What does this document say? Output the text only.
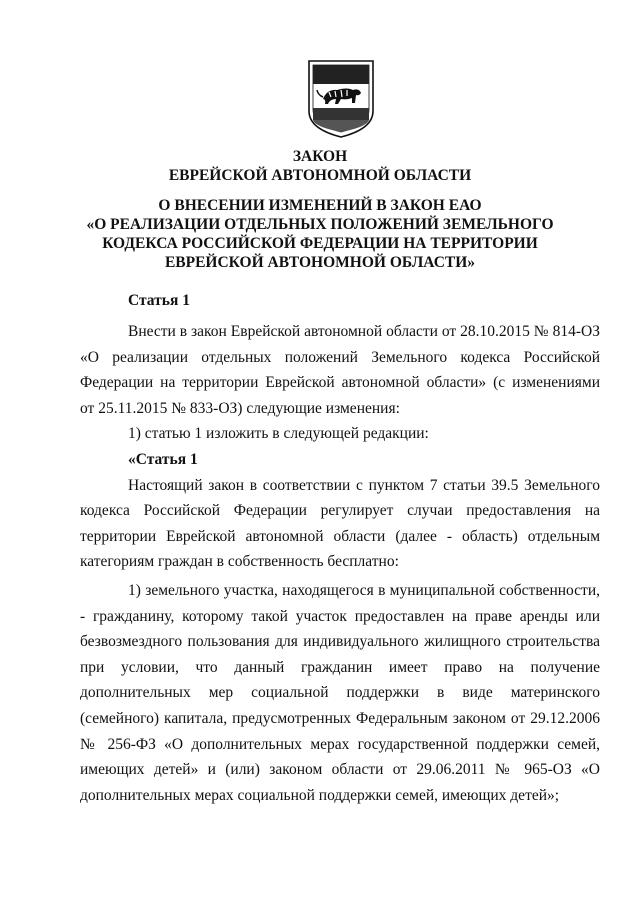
ЗАКОН
ЕВРЕЙСКОЙ АВТОНОМНОЙ ОБЛАСТИ
О ВНЕСЕНИИ ИЗМЕНЕНИЙ В ЗАКОН ЕАО
«О РЕАЛИЗАЦИИ ОТДЕЛЬНЫХ ПОЛОЖЕНИЙ ЗЕМЕЛЬНОГО
КОДЕКСА РОССИЙСКОЙ ФЕДЕРАЦИИ НА ТЕРРИТОРИИ
ЕВРЕЙСКОЙ АВТОНОМНОЙ ОБЛАСТИ»
Статья 1
Внести в закон Еврейской автономной области от 28.10.2015 № 814-ОЗ
«О реализации отдельных положений Земельного кодекса Российской
Федерации на территории Еврейской автономной области» (с изменениями
от 25.11.2015 № 833-ОЗ) следующие изменения:
1) статью 1 изложить в следующей редакции:
«Статья 1
Настоящий закон в соответствии с пунктом 7 статьи 39.5 Земельного
кодекса Российской Федерации регулирует случаи предоставления на
территории Еврейской автономной области (далее - область) отдельным
категориям граждан в собственность бесплатно:
1) земельного участка, находящегося в муниципальной собственности,
- гражданину, которому такой участок предоставлен на праве аренды или
безвозмездного пользования для индивидуального жилищного строительства
при условии, что данный гражданин имеет право на получение
дополнительных мер социальной поддержки в виде материнского
(семейного) капитала, предусмотренных Федеральным законом от 29.12.2006
№ 256-ФЗ «О дополнительных мерах государственной поддержки семей,
имеющих детей» и (или) законом области от 29.06.2011 № 965-ОЗ «О
дополнительных мерах социальной поддержки семей, имеющих детей»;
